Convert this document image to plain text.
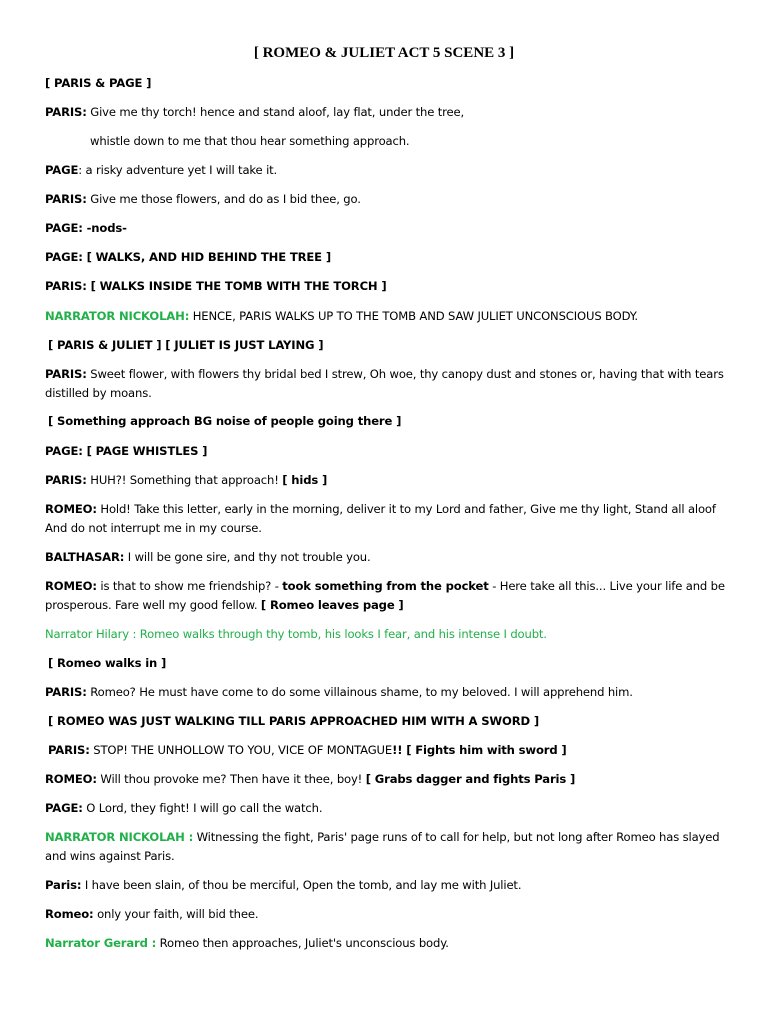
[ ROMEO & JULIET ACT 5 SCENE 3 ]
[ PARIS & PAGE ]
PARIS: Give me thy torch! hence and stand aloof, lay flat, under the tree,
whistle down to me that thou hear something approach.
PAGE: a risky adventure yet I will take it.
PARIS: Give me those flowers, and do as I bid thee, go.
PAGE: -nods-
PAGE: [ WALKS, AND HID BEHIND THE TREE ]
PARIS: [ WALKS INSIDE THE TOMB WITH THE TORCH ]
NARRATOR NICKOLAH: HENCE, PARIS WALKS UP TO THE TOMB AND SAW JULIET UNCONSCIOUS BODY.
[ PARIS & JULIET ] [ JULIET IS JUST LAYING ]
PARIS: Sweet flower, with flowers thy bridal bed I strew, Oh woe, thy canopy dust and stones or, having that with tears distilled by moans.
[ Something approach BG noise of people going there ]
PAGE: [ PAGE WHISTLES ]
PARIS: HUH?! Something that approach! [ hids ]
ROMEO: Hold! Take this letter, early in the morning, deliver it to my Lord and father, Give me thy light, Stand all aloof And do not interrupt me in my course.
BALTHASAR: I will be gone sire, and thy not trouble you.
ROMEO: is that to show me friendship? - took something from the pocket - Here take all this... Live your life and be prosperous. Fare well my good fellow. [ Romeo leaves page ]
Narrator Hilary : Romeo walks through thy tomb, his looks I fear, and his intense I doubt.
[ Romeo walks in ]
PARIS: Romeo? He must have come to do some villainous shame, to my beloved. I will apprehend him.
[ ROMEO WAS JUST WALKING TILL PARIS APPROACHED HIM WITH A SWORD ]
PARIS: STOP! THE UNHOLLOW TO YOU, VICE OF MONTAGUE!! [ Fights him with sword ]
ROMEO: Will thou provoke me? Then have it thee, boy! [ Grabs dagger and fights Paris ]
PAGE: O Lord, they fight! I will go call the watch.
NARRATOR NICKOLAH : Witnessing the fight, Paris' page runs of to call for help, but not long after Romeo has slayed and wins against Paris.
Paris: I have been slain, of thou be merciful, Open the tomb, and lay me with Juliet.
Romeo: only your faith, will bid thee.
Narrator Gerard : Romeo then approaches, Juliet's unconscious body.
